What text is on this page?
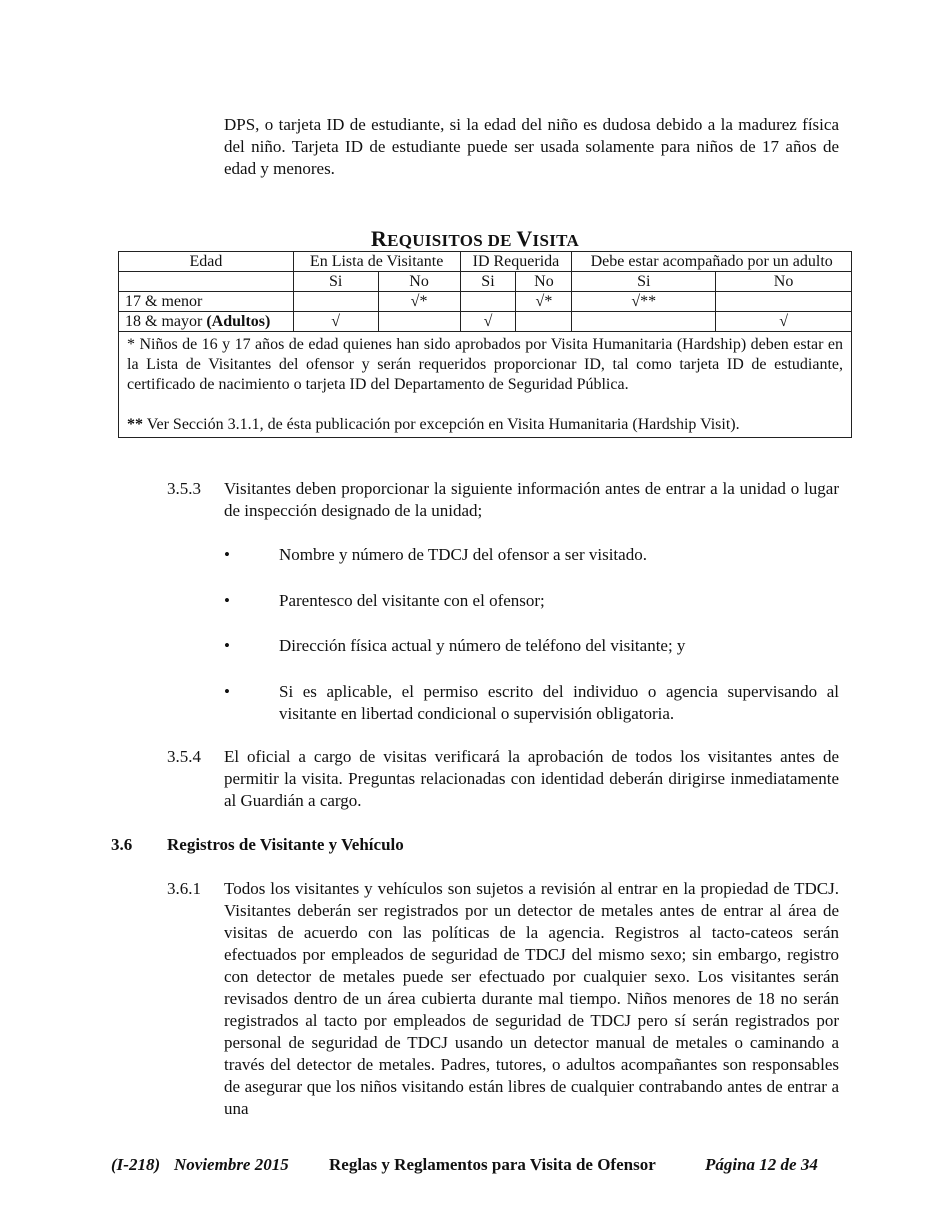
DPS, o tarjeta ID de estudiante, si la edad del niño es dudosa debido a la madurez física del niño. Tarjeta ID de estudiante puede ser usada solamente para niños de 17 años de edad y menores.
REQUISITOS DE VISITA
Edad	En Lista de Visitante		ID Requerida		Debe estar acompañado por un adulto	
	Si	No	Si	No	Si	No
17 & menor		√*		√*	√**	
18 & mayor (Adultos)	√		√			√

* Niños de 16 y 17 años de edad quienes han sido aprobados por Visita Humanitaria (Hardship) deben estar en la Lista de Visitantes del ofensor y serán requeridos proporcionar ID, tal como tarjeta ID de estudiante, certificado de nacimiento o tarjeta ID del Departamento de Seguridad Pública.
** Ver Sección 3.1.1, de ésta publicación por excepción en Visita Humanitaria (Hardship Visit).						
3.5.3 Visitantes deben proporcionar la siguiente información antes de entrar a la unidad o lugar de inspección designado de la unidad;
•	Nombre y número de TDCJ del ofensor a ser visitado.
•	Parentesco del visitante con el ofensor;
•	Dirección física actual y número de teléfono del visitante; y
•	Si es aplicable, el permiso escrito del individuo o agencia supervisando al visitante en libertad condicional o supervisión obligatoria.
3.5.4 El oficial a cargo de visitas verificará la aprobación de todos los visitantes antes de permitir la visita. Preguntas relacionadas con identidad deberán dirigirse inmediatamente al Guardián a cargo.
3.6 Registros de Visitante y Vehículo
3.6.1 Todos los visitantes y vehículos son sujetos a revisión al entrar en la propiedad de TDCJ. Visitantes deberán ser registrados por un detector de metales antes de entrar al área de visitas de acuerdo con las políticas de la agencia. Registros al tacto-cateos serán efectuados por empleados de seguridad de TDCJ del mismo sexo; sin embargo, registro con detector de metales puede ser efectuado por cualquier sexo. Los visitantes serán revisados dentro de un área cubierta durante mal tiempo. Niños menores de 18 no serán registrados al tacto por empleados de seguridad de TDCJ pero sí serán registrados por personal de seguridad de TDCJ usando un detector manual de metales o caminando a través del detector de metales. Padres, tutores, o adultos acompañantes son responsables de asegurar que los niños visitando están libres de cualquier contrabando antes de entrar a una
(I-218) Noviembre 2015 Reglas y Reglamentos para Visita de Ofensor	Página 12 de 34
